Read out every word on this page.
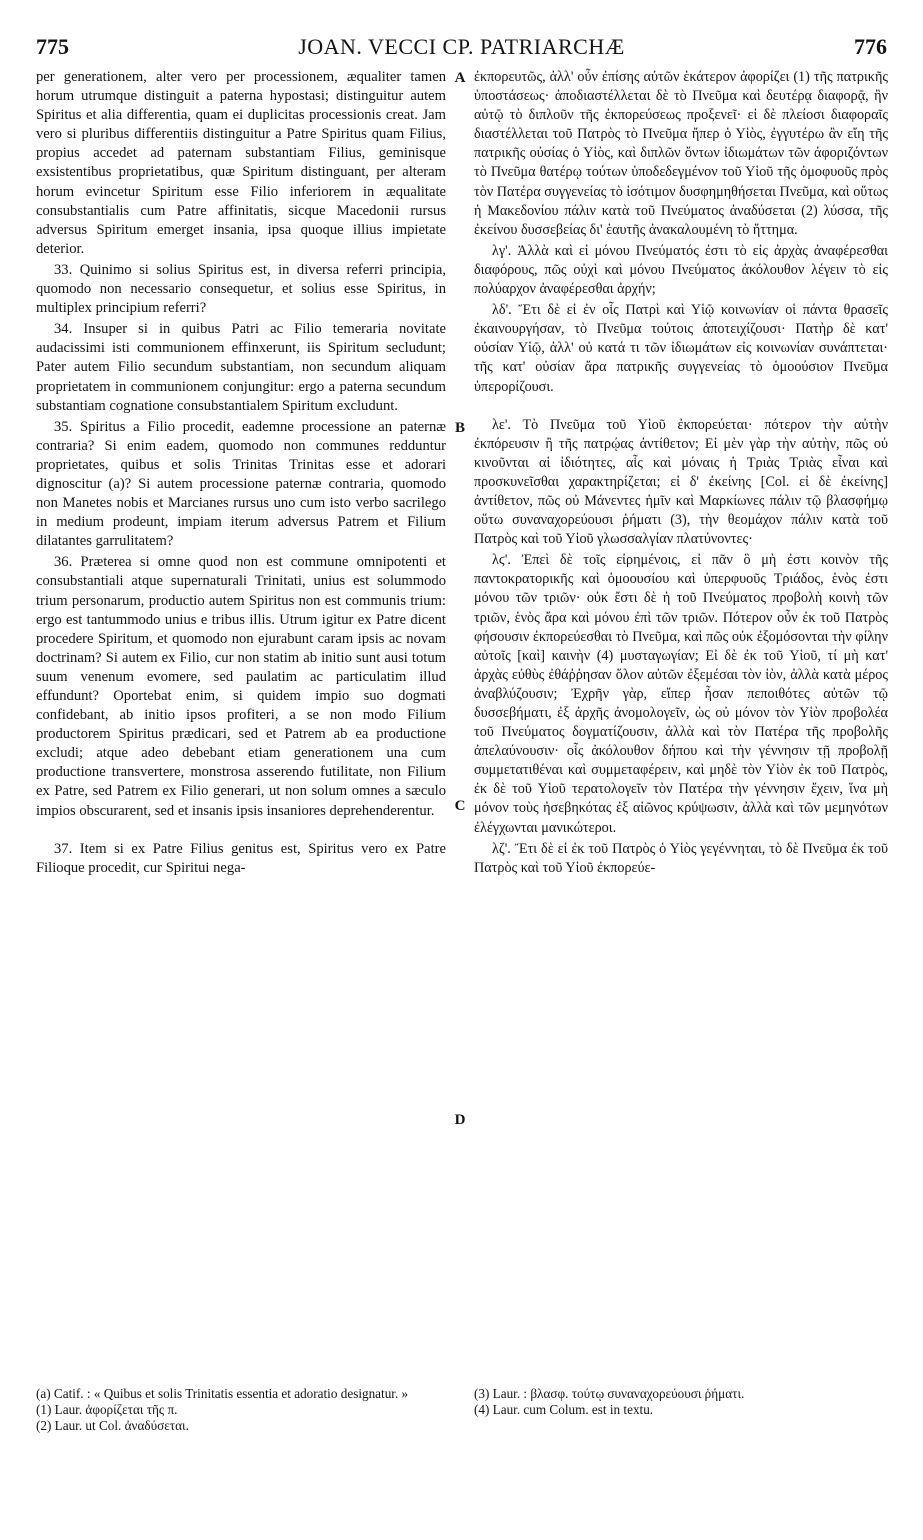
775	JOAN. VECCI CP. PATRIARCHÆ	776

per generationem, alter vero per processionem, æqualiter tamen horum utrumque distinguit a paterna hypostasi; distinguitur autem Spiritus et alia differentia, quam ei duplicitas processionis creat. Jam vero si pluribus differentiis distinguitur a Patre Spiritus quam Filius, propius accedet ad paternam substantiam Filius, geminisque exsistentibus proprietatibus, quæ Spiritum distinguant, per alteram horum evincetur Spiritum esse Filio inferiorem in æqualitate consubstantialis cum Patre affinitatis, sicque Macedonii rursus adversus Spiritum emerget insania, ipsa quoque illius impietate deterior.

33. Quinimo si solius Spiritus est, in diversa referri principia, quomodo non necessario consequetur, et solius esse Spiritus, in multiplex principium referri?

34. Insuper si in quibus Patri ac Filio temeraria novitate audacissimi isti communionem effinxerunt, iis Spiritum secludunt; Pater autem Filio secundum substantiam, non secundum aliquam proprietatem in communionem conjungitur: ergo a paterna secundum substantiam cognatione consubstantialem Spiritum excludunt.

35. Spiritus a Filio procedit, eademne processione an paternæ contraria? Si enim eadem, quomodo non communes redduntur proprietates, quibus et solis Trinitas Trinitas esse et adorari dignoscitur (a)? Si autem processione paternæ contraria, quomodo non Manetes nobis et Marcianes rursus uno cum isto verbo sacrilego in medium prodeunt, impiam iterum adversus Patrem et Filium dilatantes garrulitatem?

36. Præterea si omne quod non est commune omnipotenti et consubstantiali atque supernaturali Trinitati, unius est solummodo trium personarum, productio autem Spiritus non est communis trium: ergo est tantummodo unius e tribus illis. Utrum igitur ex Patre dicent procedere Spiritum, et quomodo non ejurabunt caram ipsis ac novam doctrinam? Si autem ex Filio, cur non statim ab initio sunt ausi totum suum venenum evomere, sed paulatim ac particulatim illud effundunt? Oportebat enim, si quidem impio suo dogmati confidebant, ab initio ipsos profiteri, a se non modo Filium productorem Spiritus prædicari, sed et Patrem ab ea productione excludi; atque adeo debebant etiam generationem una cum productione transvertere, monstrosa asserendo futilitate, non Filium ex Patre, sed Patrem ex Filio generari, ut non solum omnes a sæculo impios obscurarent, sed et insanis ipsis insaniores deprehenderentur.

37. Item si ex Patre Filius genitus est, Spiritus vero ex Patre Filioque procedit, cur Spiritui nega-

A
B
C
D

ἐκπορευτῶς, ἀλλ' οὖν ἐπίσης αὐτῶν ἑκάτερον ἀφορίζει (1) τῆς πατρικῆς ὑποστάσεως· ἀποδιαστέλλεται δὲ τὸ Πνεῦμα καὶ δευτέρᾳ διαφορᾷ, ἣν αὐτῷ τὸ διπλοῦν τῆς ἐκπορεύσεως προξενεῖ· εἰ δὲ πλείοσι διαφοραῖς διαστέλλεται τοῦ Πατρὸς τὸ Πνεῦμα ἤπερ ὁ Υἱὸς, ἐγγυτέρω ἂν εἴη τῆς πατρικῆς οὐσίας ὁ Υἱὸς, καὶ διπλῶν ὄντων ἰδιωμάτων τῶν ἀφοριζόντων τὸ Πνεῦμα θατέρῳ τούτων ὑποδεδεγμένον τοῦ Υἱοῦ τῆς ὁμοφυοῦς πρὸς τὸν Πατέρα συγγενείας τὸ ἰσότιμον δυσφημηθήσεται Πνεῦμα, καὶ οὕτως ἡ Μακεδονίου πάλιν κατὰ τοῦ Πνεύματος ἀναδύσεται (2) λύσσα, τῆς ἐκείνου δυσσεβείας δι' ἑαυτῆς ἀνακαλουμένη τὸ ἥττημα.

λγ'. Ἀλλὰ καὶ εἰ μόνου Πνεύματός ἐστι τὸ εἰς ἀρχὰς ἀναφέρεσθαι διαφόρους, πῶς οὐχὶ καὶ μόνου Πνεύματος ἀκόλουθον λέγειν τὸ εἰς πολύαρχον ἀναφέρεσθαι ἀρχήν;

λδ'. Ἔτι δὲ εἰ ἐν οἷς Πατρὶ καὶ Υἱῷ κοινωνίαν οἱ πάντα θρασεῖς ἐκαινουργήσαν, τὸ Πνεῦμα τούτοις ἀποτειχίζουσι· Πατὴρ δὲ κατ' οὐσίαν Υἱῷ, ἀλλ' οὐ κατά τι τῶν ἰδιωμάτων εἰς κοινωνίαν συνάπτεται· τῆς κατ' οὐσίαν ἄρα πατρικῆς συγγενείας τὸ ὁμοούσιον Πνεῦμα ὑπερορίζουσι.

λε'. Τὸ Πνεῦμα τοῦ Υἱοῦ ἐκπορεύεται· πότερον τὴν αὐτὴν ἐκπόρευσιν ἢ τῆς πατρῴας ἀντίθετον; Εἰ μὲν γὰρ τὴν αὐτὴν, πῶς οὐ κινοῦνται αἱ ἰδιότητες, αἷς καὶ μόναις ἡ Τριὰς Τριὰς εἶναι καὶ προσκυνεῖσθαι χαρακτηρίζεται; εἰ δ' ἐκείνης [Col. εἰ δὲ ἐκείνης] ἀντίθετον, πῶς οὐ Μάνεντες ἡμῖν καὶ Μαρκίωνες πάλιν τῷ βλασφήμῳ οὕτω συναναχορεύουσι ῥήματι (3), τὴν θεομάχον πάλιν κατὰ τοῦ Πατρὸς καὶ τοῦ Υἱοῦ γλωσσαλγίαν πλατύνοντες·

λϛ'. Ἐπεὶ δὲ τοῖς εἰρημένοις, εἰ πᾶν ὃ μὴ ἐστι κοινὸν τῆς παντοκρατορικῆς καὶ ὁμοουσίου καὶ ὑπερφυοῦς Τριάδος, ἑνὸς ἐστι μόνου τῶν τριῶν· οὐκ ἔστι δὲ ἡ τοῦ Πνεύματος προβολὴ κοινὴ τῶν τριῶν, ἑνὸς ἄρα καὶ μόνου ἐπὶ τῶν τριῶν. Πότερον οὖν ἐκ τοῦ Πατρὸς φήσουσιν ἐκπορεύεσθαι τὸ Πνεῦμα, καὶ πῶς οὐκ ἐξομόσονται τὴν φίλην αὐτοῖς [καὶ] καινὴν (4) μυσταγωγίαν; Εἰ δὲ ἐκ τοῦ Υἱοῦ, τί μὴ κατ' ἀρχὰς εὐθὺς ἐθάῤῥησαν ὅλον αὐτῶν ἐξεμέσαι τὸν ἰὸν, ἀλλὰ κατὰ μέρος ἀναβλύζουσιν; Ἐχρῆν γὰρ, εἴπερ ἦσαν πεποιθότες αὐτῶν τῷ δυσσεβήματι, ἐξ ἀρχῆς ἀνομολογεῖν, ὡς οὐ μόνον τὸν Υἱὸν προβολέα τοῦ Πνεύματος δογματίζουσιν, ἀλλὰ καὶ τὸν Πατέρα τῆς προβολῆς ἀπελαύνουσιν· οἷς ἀκόλουθον δήπου καὶ τὴν γέννησιν τῇ προβολῇ συμμετατιθέναι καὶ συμμεταφέρειν, καὶ μηδὲ τὸν Υἱὸν ἐκ τοῦ Πατρὸς, ἐκ δὲ τοῦ Υἱοῦ τερατολογεῖν τὸν Πατέρα τὴν γέννησιν ἔχειν, ἵνα μὴ μόνον τοὺς ἠσεβηκότας ἐξ αἰῶνος κρύψωσιν, ἀλλὰ καὶ τῶν μεμηνότων ἐλέγχωνται μανικώτεροι.

λζ'. Ἔτι δὲ εἰ ἐκ τοῦ Πατρὸς ὁ Υἱὸς γεγέννηται, τὸ δὲ Πνεῦμα ἐκ τοῦ Πατρὸς καὶ τοῦ Υἱοῦ ἐκπορεύε-

(a) Catif. : « Quibus et solis Trinitatis essentia et adoratio designatur. »
(1) Laur. ἀφορίζεται τῆς π.
(2) Laur. ut Col. ἀναδύσεται.
(3) Laur. : βλασφ. τούτῳ συναναχορεύουσι ῥήματι.
(4) Laur. cum Colum. est in textu.
